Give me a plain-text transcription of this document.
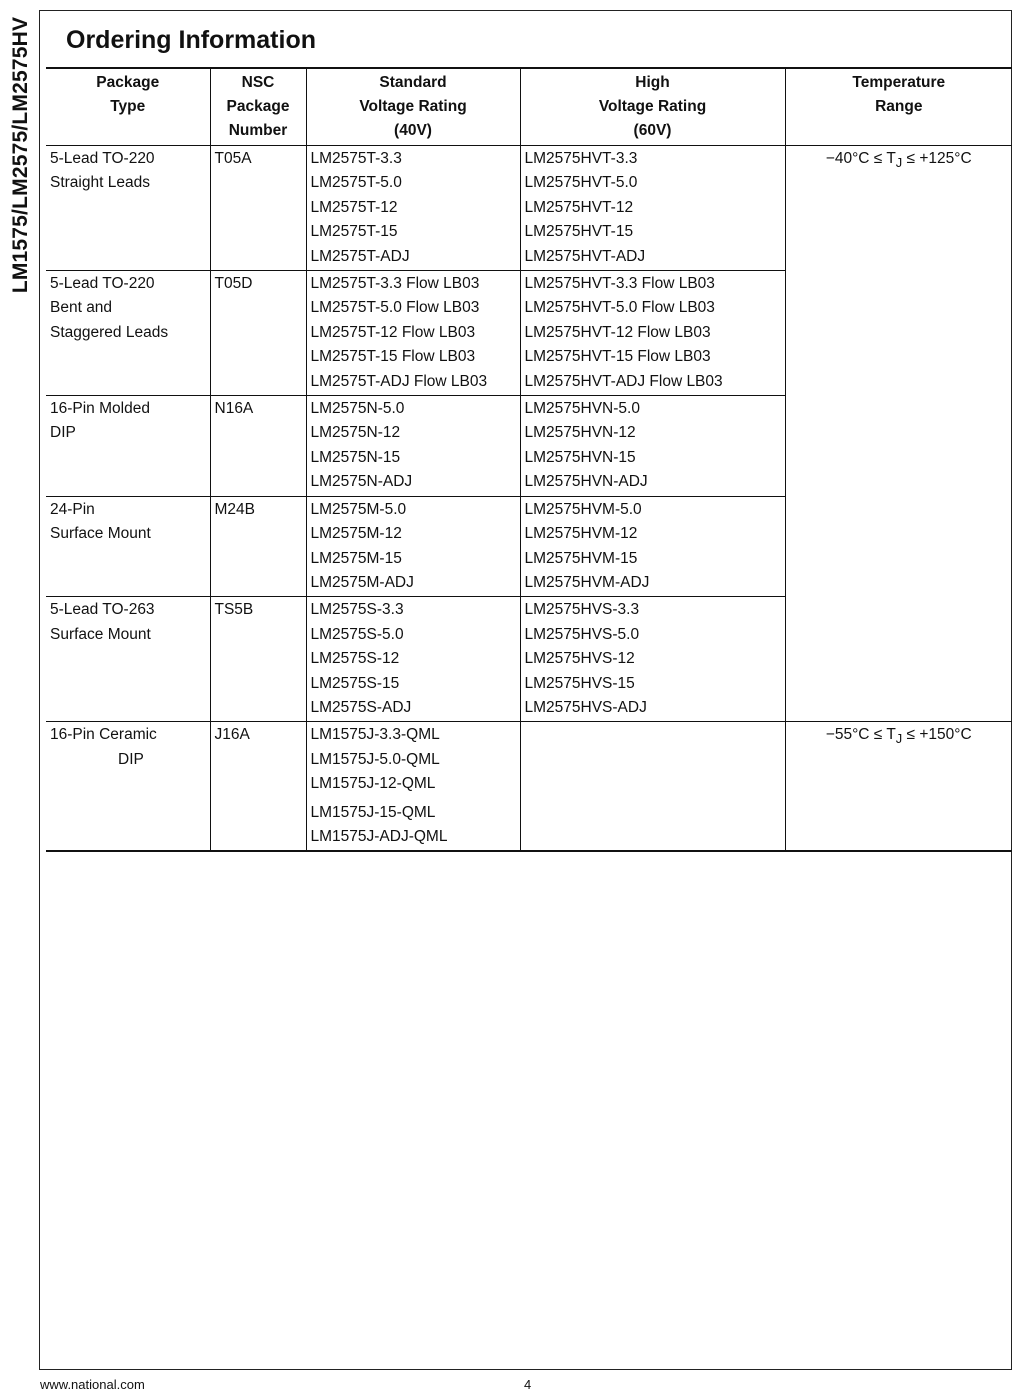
LM1575/LM2575/LM2575HV Ordering Information
Package
Type	NSC
Package
Number	Standard
Voltage Rating
(40V)	High
Voltage Rating
(60V)	Temperature
Range

5-Lead TO-220
Straight Leads	T05A	LM2575T-3.3
LM2575T-5.0
LM2575T-12
LM2575T-15
LM2575T-ADJ	LM2575HVT-3.3
LM2575HVT-5.0
LM2575HVT-12
LM2575HVT-15
LM2575HVT-ADJ	$-40^\circ C \le T_J \le +125^\circ C$

5-Lead TO-220
Bent and
Staggered Leads	T05D	LM2575T-3.3 Flow LB03
LM2575T-5.0 Flow LB03
LM2575T-12 Flow LB03
LM2575T-15 Flow LB03
LM2575T-ADJ Flow LB03	LM2575HVT-3.3 Flow LB03
LM2575HVT-5.0 Flow LB03
LM2575HVT-12 Flow LB03
LM2575HVT-15 Flow LB03
LM2575HVT-ADJ Flow LB03	

16-Pin Molded
DIP	N16A	LM2575N-5.0
LM2575N-12
LM2575N-15
LM2575N-ADJ	LM2575HVN-5.0
LM2575HVN-12
LM2575HVN-15
LM2575HVN-ADJ	

24-Pin
Surface Mount	M24B	LM2575M-5.0
LM2575M-12
LM2575M-15
LM2575M-ADJ	LM2575HVM-5.0
LM2575HVM-12
LM2575HVM-15
LM2575HVM-ADJ	

5-Lead TO-263
Surface Mount	TS5B	LM2575S-3.3
LM2575S-5.0
LM2575S-12
LM2575S-15
LM2575S-ADJ	LM2575HVS-3.3
LM2575HVS-5.0
LM2575HVS-12
LM2575HVS-15
LM2575HVS-ADJ	

16-Pin Ceramic
DIP	J16A	LM1575J-3.3-QML
LM1575J-5.0-QML
LM1575J-12-QML
LM1575J-15-QML
LM1575J-ADJ-QML		$-55^\circ C \le T_J \le +150^\circ C$
www.national.com	4
